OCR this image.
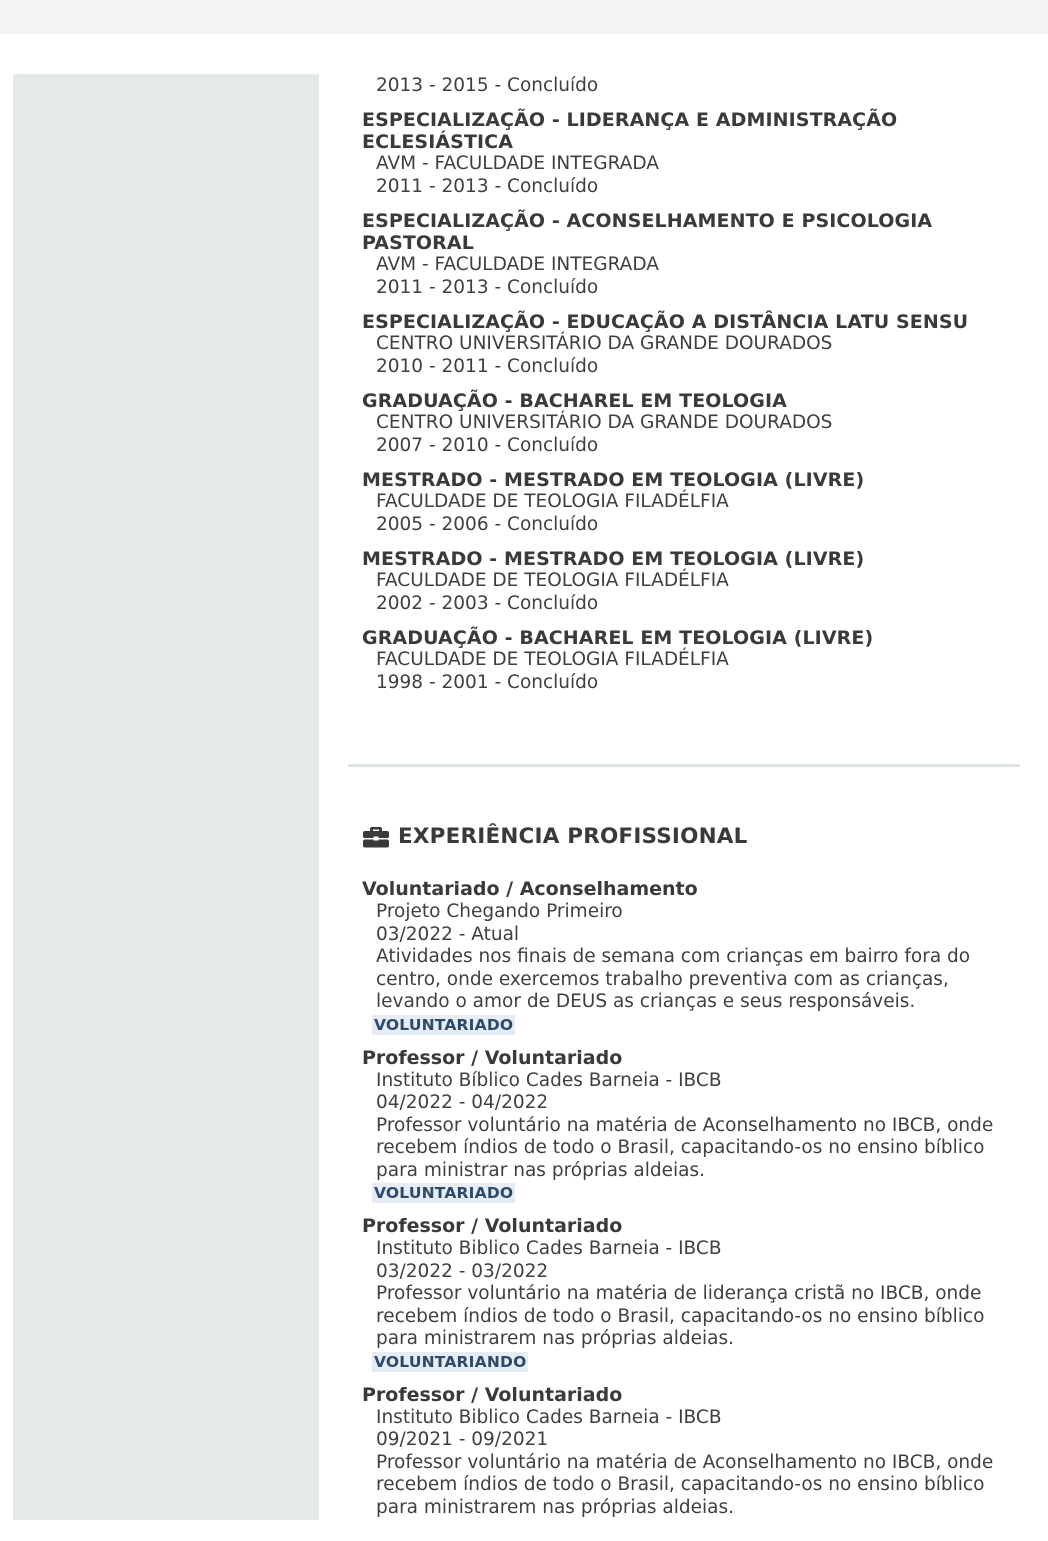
2013 - 2015 - Concluído
ESPECIALIZAÇÃO - LIDERANÇA E ADMINISTRAÇÃO ECLESIÁSTICA
AVM - FACULDADE INTEGRADA
2011 - 2013 - Concluído
ESPECIALIZAÇÃO - ACONSELHAMENTO E PSICOLOGIA PASTORAL
AVM - FACULDADE INTEGRADA
2011 - 2013 - Concluído
ESPECIALIZAÇÃO - EDUCAÇÃO A DISTÂNCIA LATU SENSU
CENTRO UNIVERSITÁRIO DA GRANDE DOURADOS
2010 - 2011 - Concluído
GRADUAÇÃO - BACHAREL EM TEOLOGIA
CENTRO UNIVERSITÁRIO DA GRANDE DOURADOS
2007 - 2010 - Concluído
MESTRADO - MESTRADO EM TEOLOGIA (LIVRE)
FACULDADE DE TEOLOGIA FILADÉLFIA
2005 - 2006 - Concluído
MESTRADO - MESTRADO EM TEOLOGIA (LIVRE)
FACULDADE DE TEOLOGIA FILADÉLFIA
2002 - 2003 - Concluído
GRADUAÇÃO - BACHAREL EM TEOLOGIA (LIVRE)
FACULDADE DE TEOLOGIA FILADÉLFIA
1998 - 2001 - Concluído
EXPERIÊNCIA PROFISSIONAL
Voluntariado / Aconselhamento
Projeto Chegando Primeiro
03/2022 - Atual
Atividades nos finais de semana com crianças em bairro fora do centro, onde exercemos trabalho preventiva com as crianças, levando o amor de DEUS as crianças e seus responsáveis.
VOLUNTARIADO
Professor / Voluntariado
Instituto Bíblico Cades Barneia - IBCB
04/2022 - 04/2022
Professor voluntário na matéria de Aconselhamento no IBCB, onde recebem índios de todo o Brasil, capacitando-os no ensino bíblico para ministrar nas próprias aldeias.
VOLUNTARIADO
Professor / Voluntariado
Instituto Biblico Cades Barneia - IBCB
03/2022 - 03/2022
Professor voluntário na matéria de liderança cristã no IBCB, onde recebem índios de todo o Brasil, capacitando-os no ensino bíblico para ministrarem nas próprias aldeias.
VOLUNTARIANDO
Professor / Voluntariado
Instituto Biblico Cades Barneia - IBCB
09/2021 - 09/2021
Professor voluntário na matéria de Aconselhamento no IBCB, onde recebem índios de todo o Brasil, capacitando-os no ensino bíblico para ministrarem nas próprias aldeias.
